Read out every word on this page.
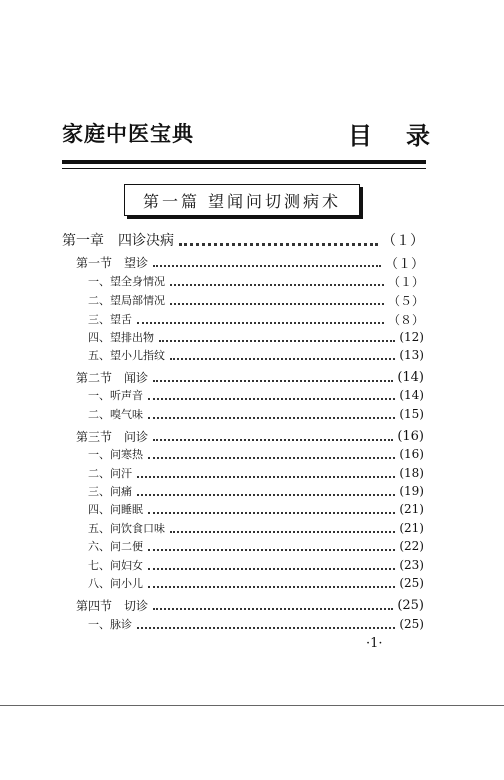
家庭中医宝典	目 录
第一篇 望闻问切测病术
第一章　四诊决病	（１）
第一节　望诊	（１）
一、望全身情况	（１）
二、望局部情况	（５）
三、望舌	（８）
四、望排出物	(12)
五、望小儿指纹	(13)
第二节　闻诊	(14)
一、听声音	(14)
二、嗅气味	(15)
第三节　问诊	(16)
一、问寒热	(16)
二、问汗	(18)
三、问痛	(19)
四、问睡眠	(21)
五、问饮食口味	(21)
六、问二便	(22)
七、问妇女	(23)
八、问小儿	(25)
第四节　切诊	(25)
一、脉诊	(25)
·1·
